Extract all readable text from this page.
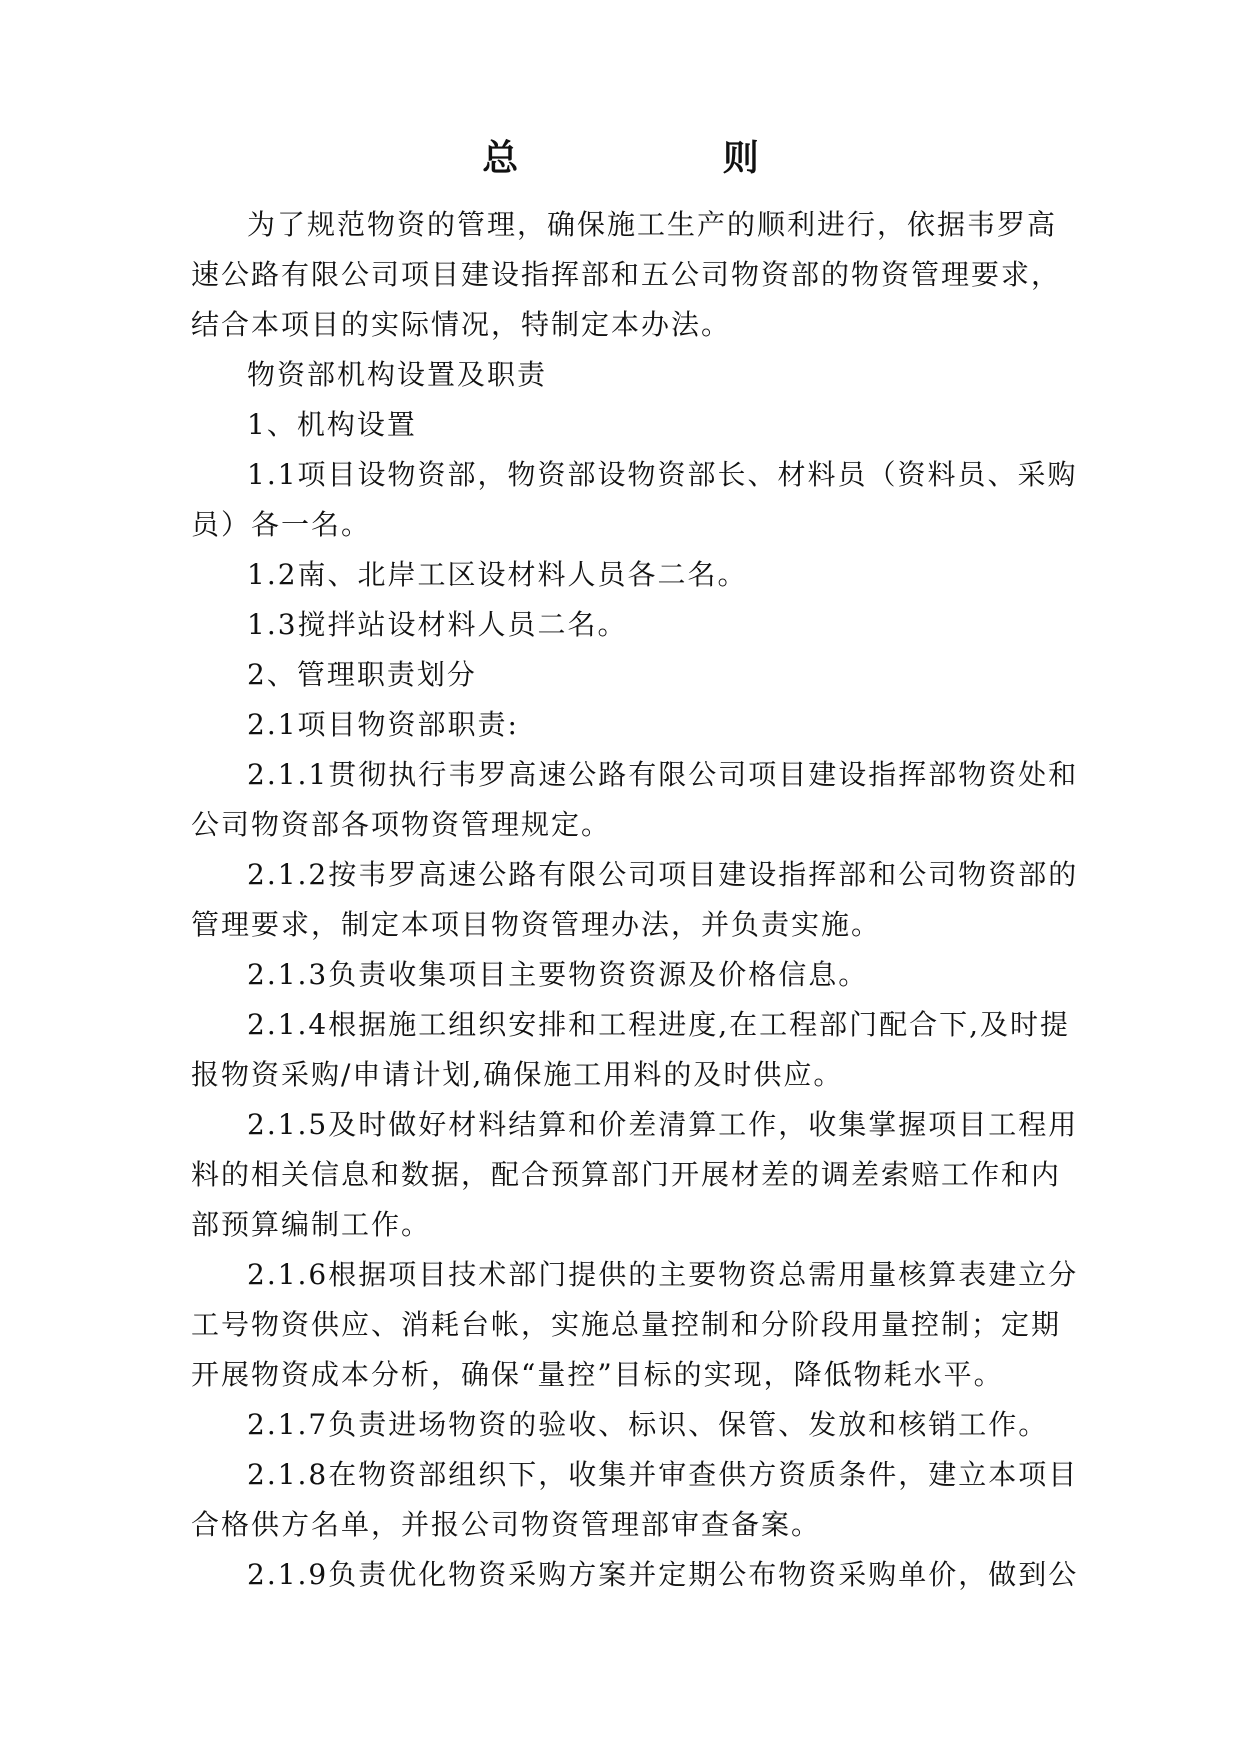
总 则
为了规范物资的管理，确保施工生产的顺利进行，依据韦罗高
速公路有限公司项目建设指挥部和五公司物资部的物资管理要求，
结合本项目的实际情况，特制定本办法。
物资部机构设置及职责
1、机构设置
1.1项目设物资部，物资部设物资部长、材料员（资料员、采购
员）各一名。
1.2南、北岸工区设材料人员各二名。
1.3搅拌站设材料人员二名。
2、管理职责划分
2.1项目物资部职责:
2.1.1贯彻执行韦罗高速公路有限公司项目建设指挥部物资处和
公司物资部各项物资管理规定。
2.1.2按韦罗高速公路有限公司项目建设指挥部和公司物资部的
管理要求，制定本项目物资管理办法，并负责实施。
2.1.3负责收集项目主要物资资源及价格信息。
2.1.4根据施工组织安排和工程进度,在工程部门配合下,及时提
报物资采购/申请计划,确保施工用料的及时供应。
2.1.5及时做好材料结算和价差清算工作，收集掌握项目工程用
料的相关信息和数据，配合预算部门开展材差的调差索赔工作和内
部预算编制工作。
2.1.6根据项目技术部门提供的主要物资总需用量核算表建立分
工号物资供应、消耗台帐，实施总量控制和分阶段用量控制；定期
开展物资成本分析，确保“量控”目标的实现，降低物耗水平。
2.1.7负责进场物资的验收、标识、保管、发放和核销工作。
2.1.8在物资部组织下，收集并审查供方资质条件，建立本项目
合格供方名单，并报公司物资管理部审查备案。
2.1.9负责优化物资采购方案并定期公布物资采购单价，做到公
